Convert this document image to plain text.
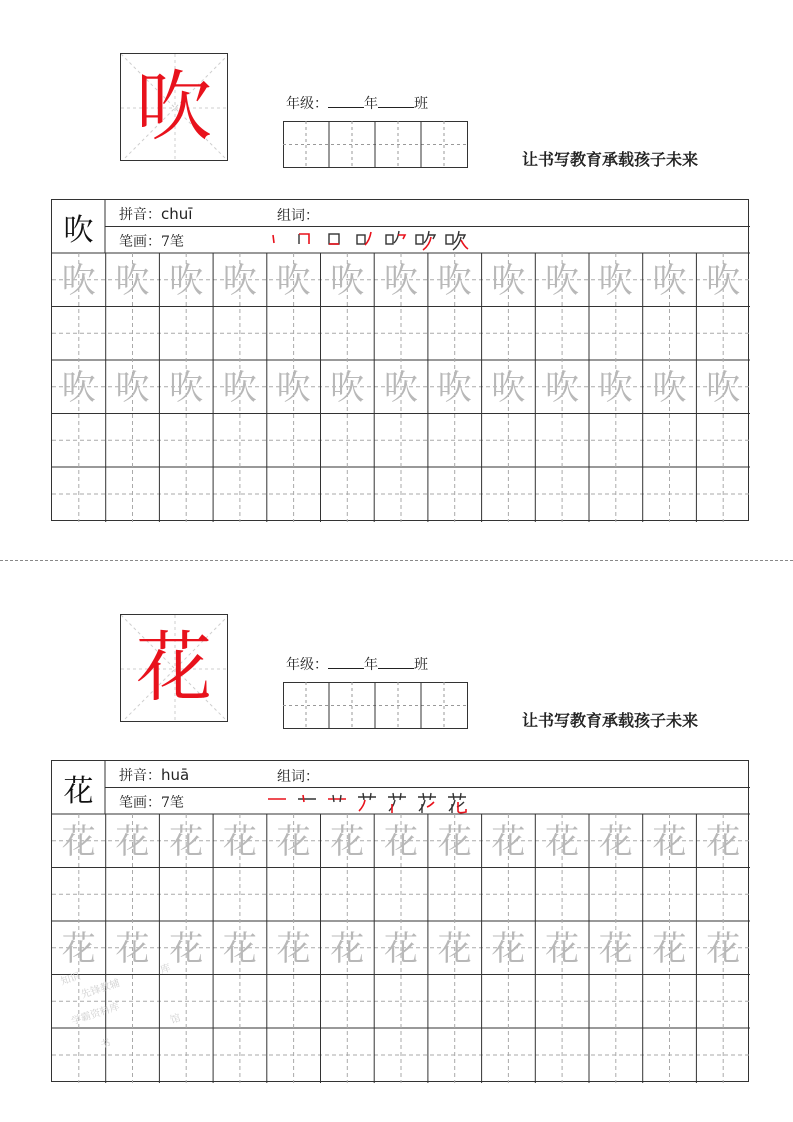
吹	年级：	年	班
让书写教育承载孩子未来
吹	拼音：chuī	组词：
笔画：7笔
吹 吹 吹 吹 吹 吹 吹 吹 吹 吹 吹 吹 吹
吹 吹 吹 吹 吹 吹 吹 吹 吹 吹 吹 吹 吹
花	年级：	年	班
让书写教育承载孩子未来
花	拼音：huā	组词：
笔画：7笔
花 花 花 花 花 花 花 花 花 花 花 花 花
花 花 花 花 花 花 花 花 花 花 花 花 花
先锋教辅
学霸资料库
知识
书
馆
库
